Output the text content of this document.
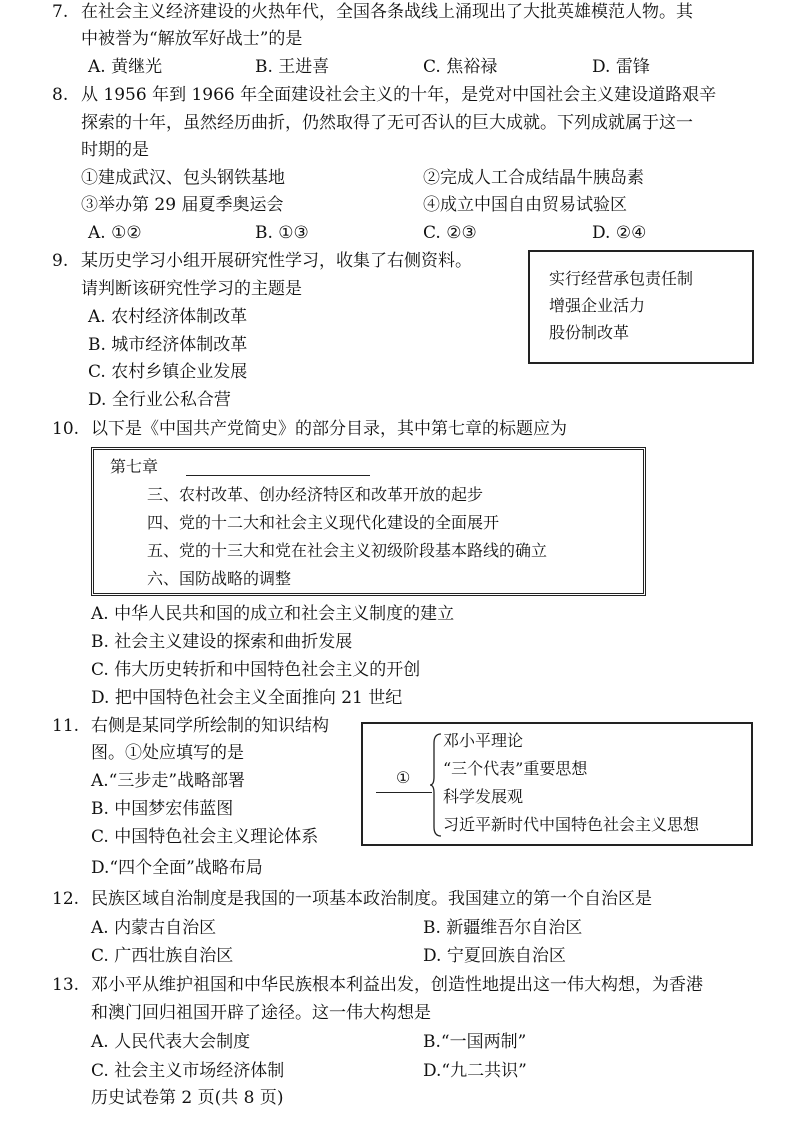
7. 在社会主义经济建设的火热年代，全国各条战线上涌现出了大批英雄模范人物。其
中被誉为“解放军好战士”的是
A. 黄继光	B. 王进喜	C. 焦裕禄	D. 雷锋
8. 从 1956 年到 1966 年全面建设社会主义的十年，是党对中国社会主义建设道路艰辛
探索的十年，虽然经历曲折，仍然取得了无可否认的巨大成就。下列成就属于这一
时期的是
①建成武汉、包头钢铁基地	②完成人工合成结晶牛胰岛素
③举办第 29 届夏季奥运会	④成立中国自由贸易试验区
A. ①②	B. ①③	C. ②③	D. ②④
9. 某历史学习小组开展研究性学习，收集了右侧资料。
请判断该研究性学习的主题是
A. 农村经济体制改革
B. 城市经济体制改革
C. 农村乡镇企业发展
D. 全行业公私合营
实行经营承包责任制
增强企业活力
股份制改革
10. 以下是《中国共产党简史》的部分目录，其中第七章的标题应为
第七章
三、农村改革、创办经济特区和改革开放的起步
四、党的十二大和社会主义现代化建设的全面展开
五、党的十三大和党在社会主义初级阶段基本路线的确立
六、国防战略的调整
A. 中华人民共和国的成立和社会主义制度的建立
B. 社会主义建设的探索和曲折发展
C. 伟大历史转折和中国特色社会主义的开创
D. 把中国特色社会主义全面推向 21 世纪
11. 右侧是某同学所绘制的知识结构
图。①处应填写的是
A.“三步走”战略部署
B. 中国梦宏伟蓝图
C. 中国特色社会主义理论体系
D.“四个全面”战略布局
①
邓小平理论
“三个代表”重要思想
科学发展观
习近平新时代中国特色社会主义思想
12. 民族区域自治制度是我国的一项基本政治制度。我国建立的第一个自治区是
A. 内蒙古自治区	B. 新疆维吾尔自治区
C. 广西壮族自治区	D. 宁夏回族自治区
13. 邓小平从维护祖国和中华民族根本利益出发，创造性地提出这一伟大构想，为香港
和澳门回归祖国开辟了途径。这一伟大构想是
A. 人民代表大会制度	B.“一国两制”
C. 社会主义市场经济体制	D.“九二共识”
历史试卷第 2 页(共 8 页)
